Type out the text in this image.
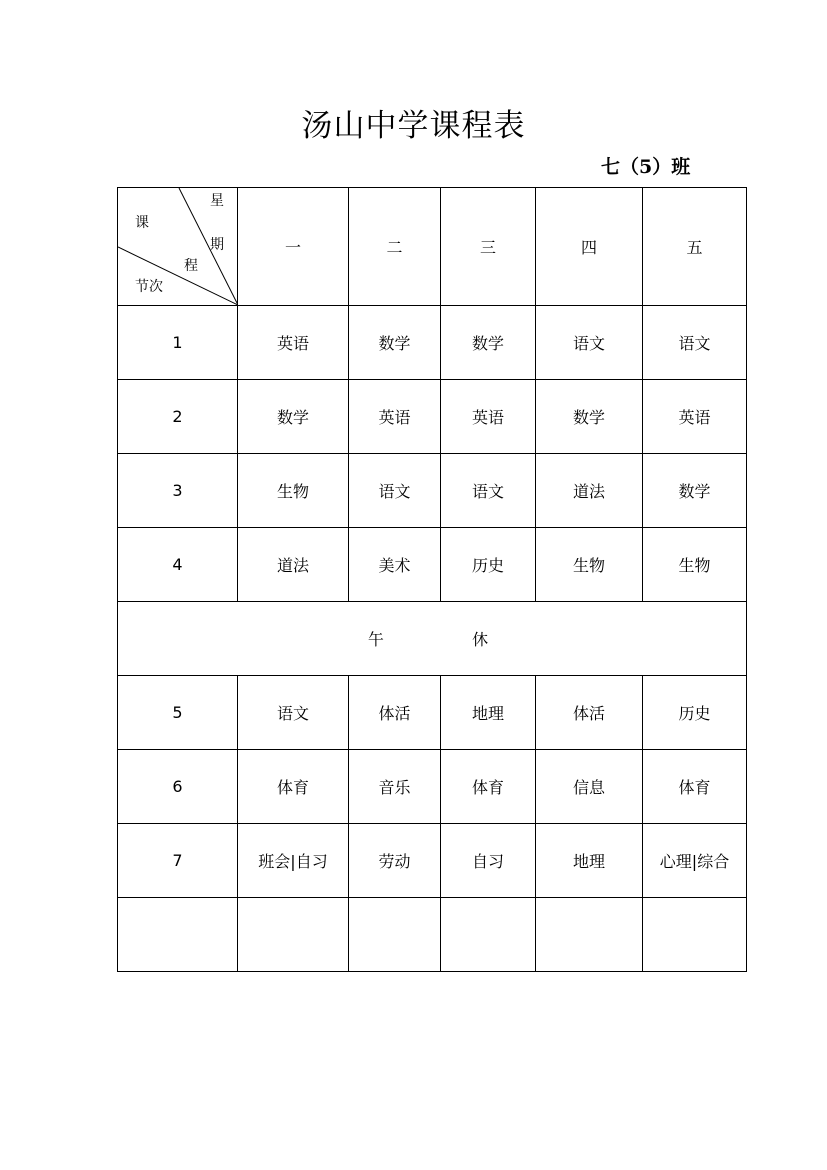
汤山中学课程表
七（5）班
星
期
课
程
节次	一	二	三	四	五
1	英语	数学	数学	语文	语文
2	数学	英语	英语	数学	英语
3	生物	语文	语文	道法	数学
4	道法	美术	历史	生物	生物
午 休					
5	语文	体活	地理	体活	历史
6	体育	音乐	体育	信息	体育
7	班会|自习	劳动	自习	地理	心理|综合
